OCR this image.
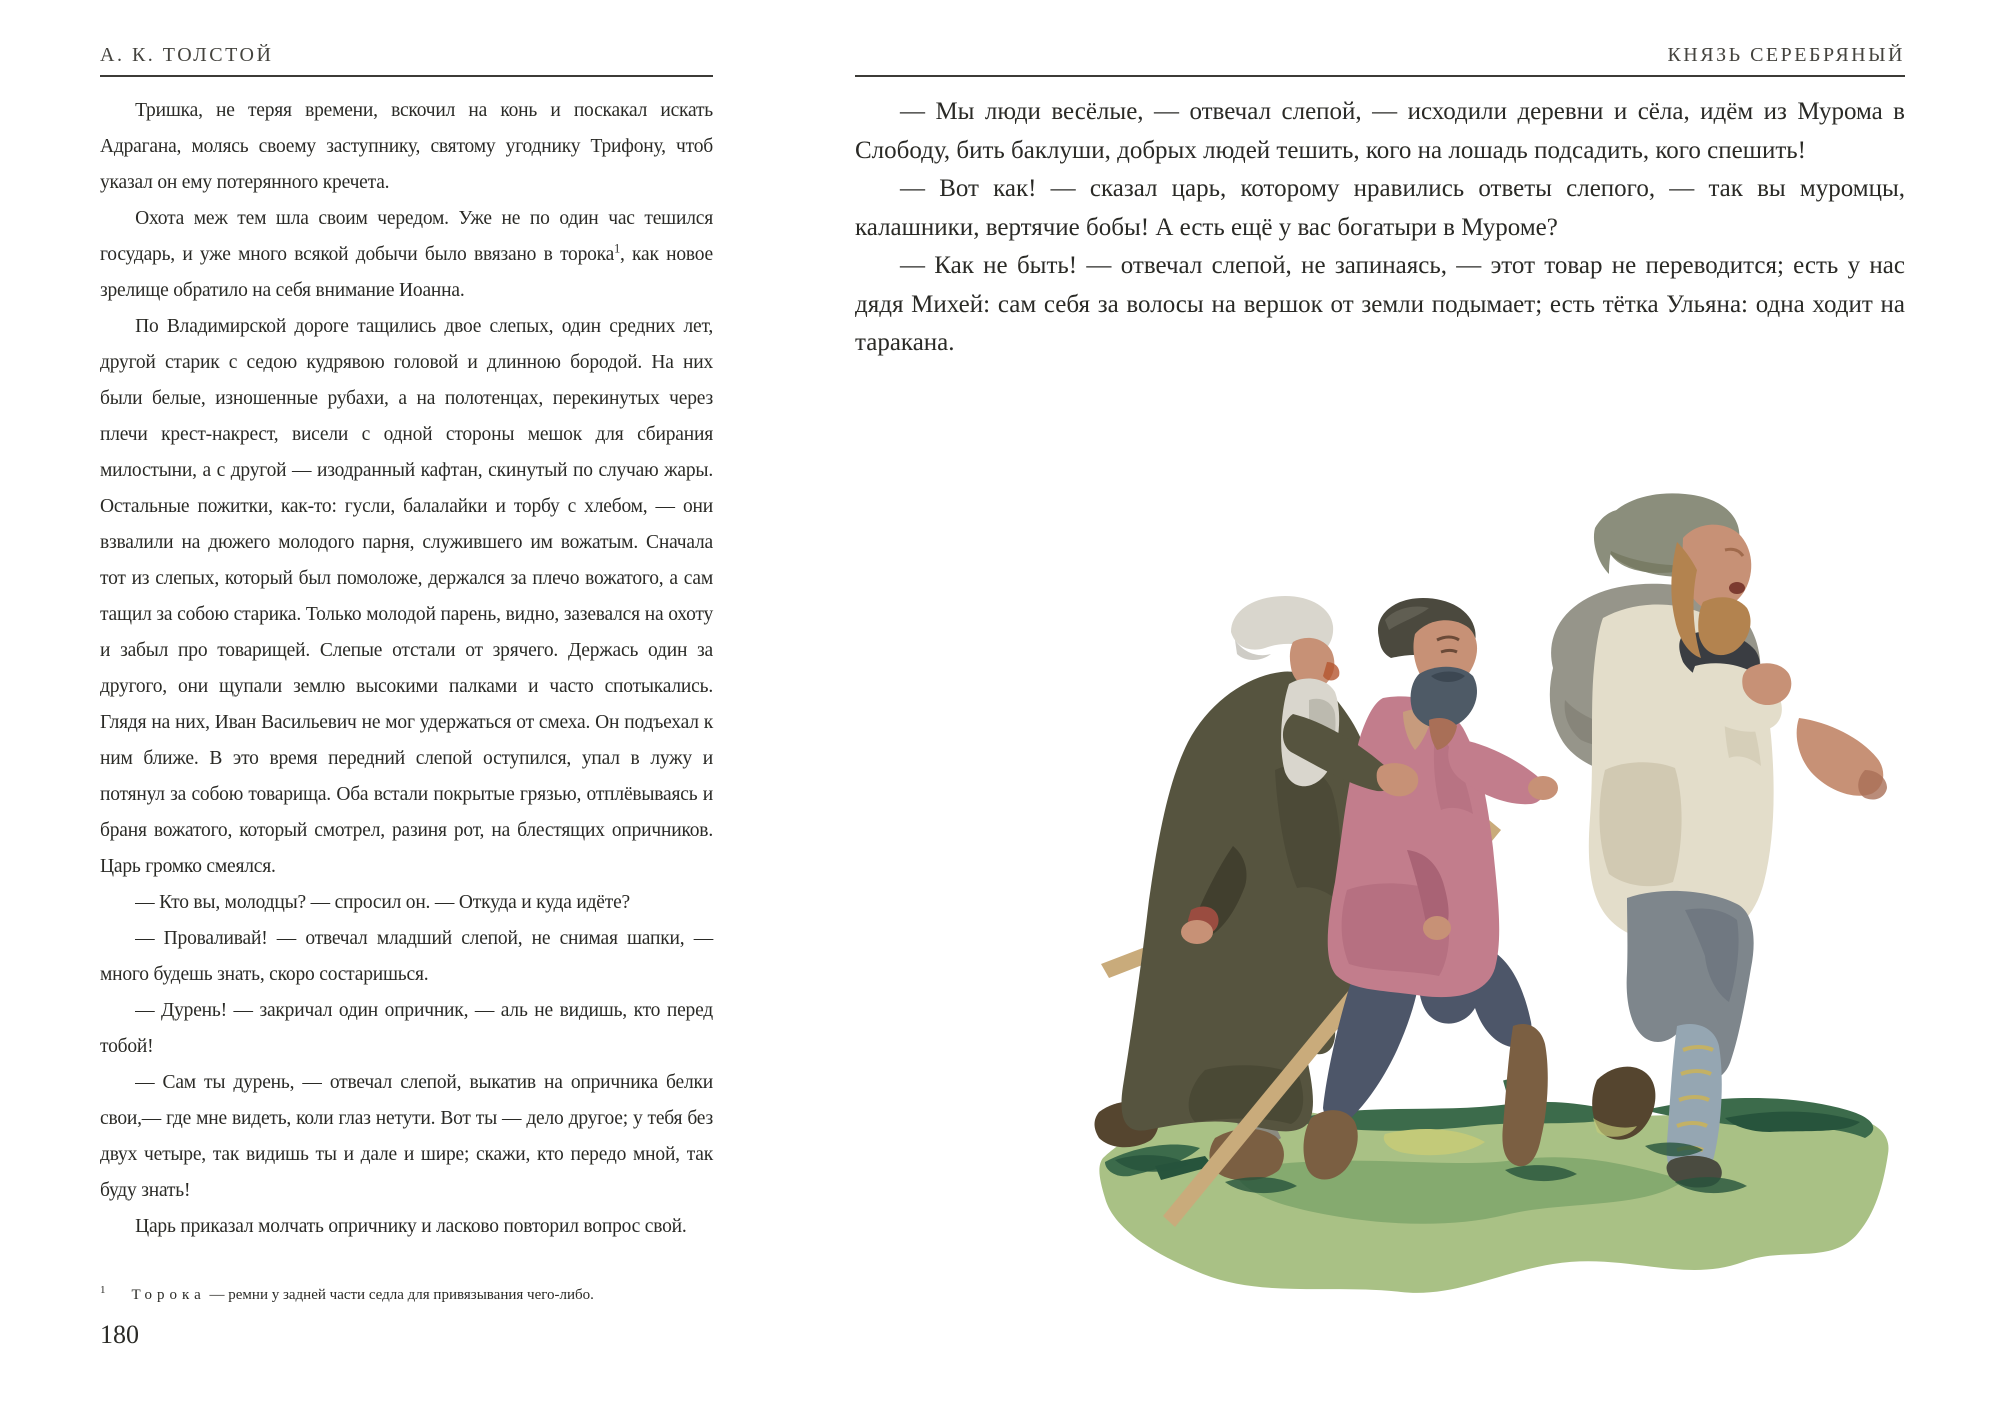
А. К. ТОЛСТОЙ

Тришка, не теряя времени, вскочил на конь и поскакал искать Адрагана, молясь своему заступнику, святому угоднику Трифону, чтоб указал он ему потерянного кречета.

Охота меж тем шла своим чередом. Уже не по один час тешился государь, и уже много всякой добычи было ввязано в торока$^1$, как новое зрелище обратило на себя внимание Иоанна.

По Владимирской дороге тащились двое слепых, один средних лет, другой старик с седою кудрявою головой и длинною бородой. На них были белые, изношенные рубахи, а на полотенцах, перекинутых через плечи крест-накрест, висели с одной стороны мешок для сбирания милостыни, а с другой — изодранный кафтан, скинутый по случаю жары. Остальные пожитки, как-то: гусли, балалайки и торбу с хлебом, — они взвалили на дюжего молодого парня, служившего им вожатым. Сначала тот из слепых, который был помоложе, держался за плечо вожатого, а сам тащил за собою старика. Только молодой парень, видно, зазевался на охоту и забыл про товарищей. Слепые отстали от зрячего. Держась один за другого, они щупали землю высокими палками и часто спотыкались. Глядя на них, Иван Васильевич не мог удержаться от смеха. Он подъехал к ним ближе. В это время передний слепой оступился, упал в лужу и потянул за собою товарища. Оба встали покрытые грязью, отплёвываясь и браня вожатого, который смотрел, разиня рот, на блестящих опричников. Царь громко смеялся.

— Кто вы, молодцы? — спросил он. — Откуда и куда идёте?

— Проваливай! — отвечал младший слепой, не снимая шапки, — много будешь знать, скоро состаришься.

— Дурень! — закричал один опричник, — аль не видишь, кто перед тобой!

— Сам ты дурень, — отвечал слепой, выкатив на опричника белки свои,— где мне видеть, коли глаз нетути. Вот ты — дело другое; у тебя без двух четыре, так видишь ты и дале и шире; скажи, кто передо мной, так буду знать!

Царь приказал молчать опричнику и ласково повторил вопрос свой.

$^1$ Торока — ремни у задней части седла для привязывания чего-либо.
180
КНЯЗЬ СЕРЕБРЯНЫЙ

— Мы люди весёлые, — отвечал слепой, — исходили деревни и сёла, идём из Мурома в Слободу, бить баклуши, добрых людей тешить, кого на лошадь подсадить, кого спешить!

— Вот как! — сказал царь, которому нравились ответы слепого, — так вы муромцы, калашники, вертячие бобы! А есть ещё у вас богатыри в Муроме?

— Как не быть! — отвечал слепой, не запинаясь, — этот товар не переводится; есть у нас дядя Михей: сам себя за волосы на вершок от земли подымает; есть тётка Ульяна: одна ходит на таракана.
